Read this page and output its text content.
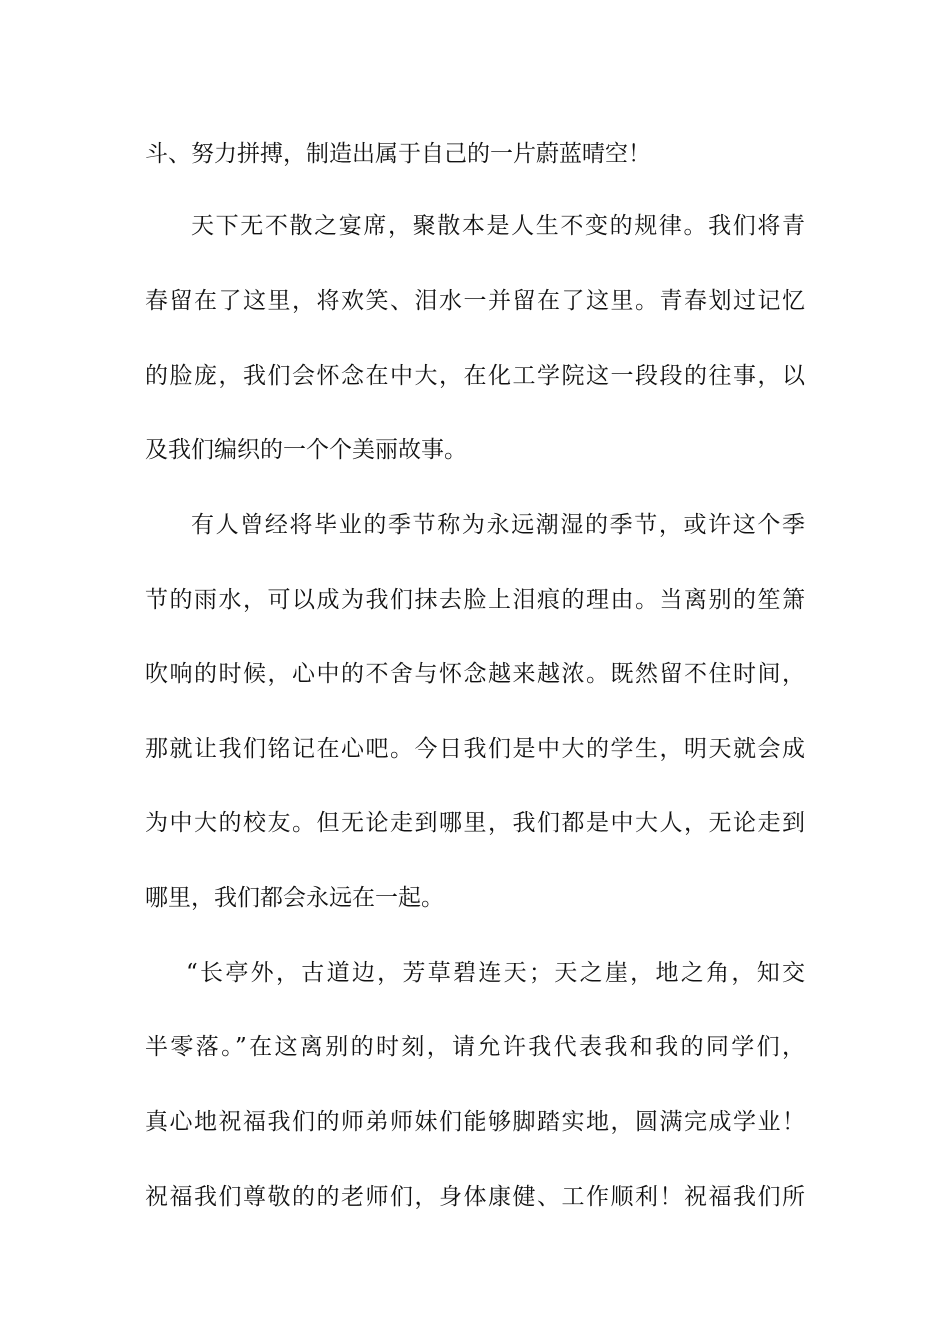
斗、努力拼搏，制造出属于自己的一片蔚蓝晴空！
天下无不散之宴席，聚散本是人生不变的规律。我们将青
春留在了这里，将欢笑、泪水一并留在了这里。青春划过记忆
的脸庞，我们会怀念在中大，在化工学院这一段段的往事，以
及我们编织的一个个美丽故事。
有人曾经将毕业的季节称为永远潮湿的季节，或许这个季
节的雨水，可以成为我们抹去脸上泪痕的理由。当离别的笙箫
吹响的时候，心中的不舍与怀念越来越浓。既然留不住时间，
那就让我们铭记在心吧。今日我们是中大的学生，明天就会成
为中大的校友。但无论走到哪里，我们都是中大人，无论走到
哪里，我们都会永远在一起。
“长亭外，古道边，芳草碧连天；天之崖，地之角，知交
半零落。”在这离别的时刻，请允许我代表我和我的同学们，
真心地祝福我们的师弟师妹们能够脚踏实地，圆满完成学业！
祝福我们尊敬的的老师们，身体康健、工作顺利！祝福我们所
